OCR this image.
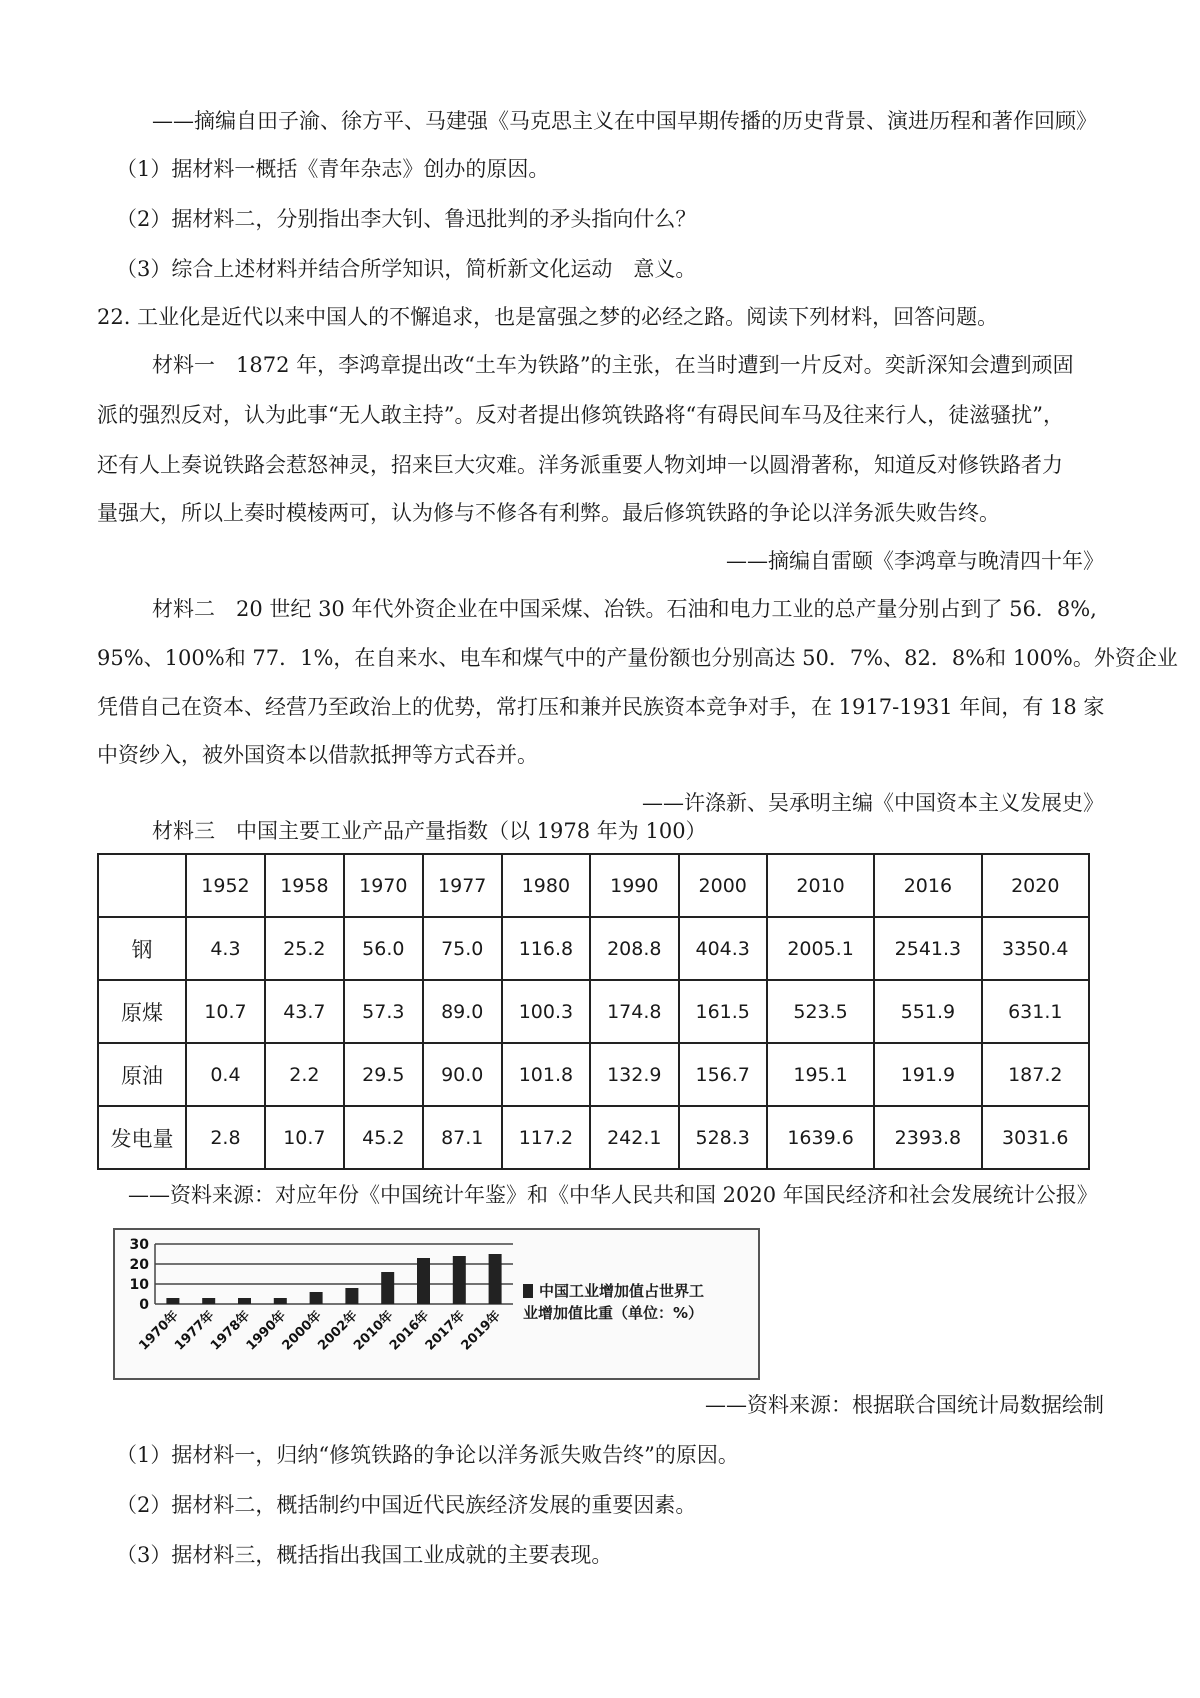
——摘编自田子渝、徐方平、马建强《马克思主义在中国早期传播的历史背景、演进历程和著作回顾》
（1）据材料一概括《青年杂志》创办的原因。
（2）据材料二，分别指出李大钊、鲁迅批判的矛头指向什么？
（3）综合上述材料并结合所学知识，简析新文化运动　意义。
22. 工业化是近代以来中国人的不懈追求，也是富强之梦的必经之路。阅读下列材料，回答问题。
材料一　1872 年，李鸿章提出改“土车为铁路”的主张，在当时遭到一片反对。奕訢深知会遭到顽固
派的强烈反对，认为此事“无人敢主持”。反对者提出修筑铁路将“有碍民间车马及往来行人，徒滋骚扰”，
还有人上奏说铁路会惹怒神灵，招来巨大灾难。洋务派重要人物刘坤一以圆滑著称，知道反对修铁路者力
量强大，所以上奏时模棱两可，认为修与不修各有利弊。最后修筑铁路的争论以洋务派失败告终。
——摘编自雷颐《李鸿章与晚清四十年》
材料二　20 世纪 30 年代外资企业在中国采煤、冶铁。石油和电力工业的总产量分别占到了 56．8%,
95%、100%和 77．1%，在自来水、电车和煤气中的产量份额也分别高达 50．7%、82．8%和 100%。外资企业
凭借自己在资本、经营乃至政治上的优势，常打压和兼并民族资本竞争对手，在 1917-1931 年间，有 18 家
中资纱入，被外国资本以借款抵押等方式吞并。
——许涤新、吴承明主编《中国资本主义发展史》
材料三　中国主要工业产品产量指数（以 1978 年为 100）
	1952	1958	1970	1977	1980	1990	2000	2010	2016	2020
钢	4.3	25.2	56.0	75.0	116.8	208.8	404.3	2005.1	2541.3	3350.4
原煤	10.7	43.7	57.3	89.0	100.3	174.8	161.5	523.5	551.9	631.1
原油	0.4	2.2	29.5	90.0	101.8	132.9	156.7	195.1	191.9	187.2
发电量	2.8	10.7	45.2	87.1	117.2	242.1	528.3	1639.6	2393.8	3031.6
——资料来源：对应年份《中国统计年鉴》和《中华人民共和国 2020 年国民经济和社会发展统计公报》
30
20
10
0
1970年
1977年
1978年
1990年
2000年
2002年
2010年
2016年
2017年
2019年
中国工业增加值占世界工
业增加值比重（单位：%）
——资料来源：根据联合国统计局数据绘制
（1）据材料一，归纳“修筑铁路的争论以洋务派失败告终”的原因。
（2）据材料二，概括制约中国近代民族经济发展的重要因素。
（3）据材料三，概括指出我国工业成就的主要表现。
